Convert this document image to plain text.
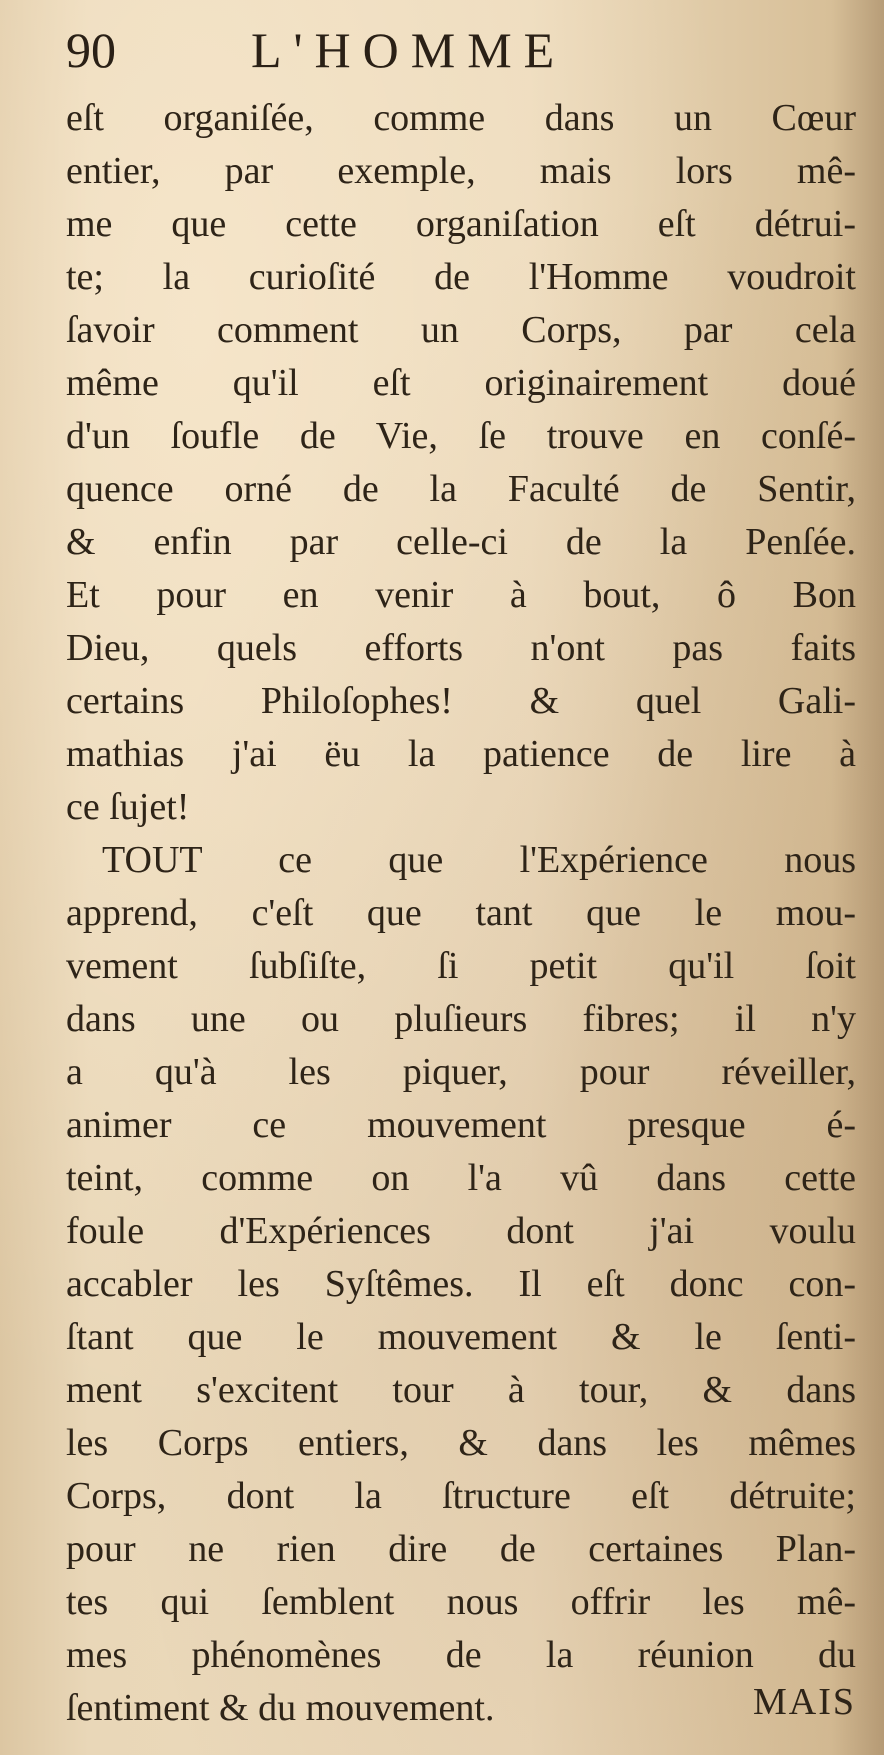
90	L'HOMME
eſt organiſée, comme dans un Cœur
entier, par exemple, mais lors mê-
me que cette organiſation eſt détrui-
te; la curioſité de l'Homme voudroit
ſavoir comment un Corps, par cela
même qu'il eſt originairement doué
d'un ſoufle de Vie, ſe trouve en conſé-
quence orné de la Faculté de Sentir,
& enfin par celle-ci de la Penſée.
Et pour en venir à bout, ô Bon
Dieu, quels efforts n'ont pas faits
certains Philoſophes! & quel Gali-
mathias j'ai ëu la patience de lire à
ce ſujet!
TOUT ce que l'Expérience nous
apprend, c'eſt que tant que le mou-
vement ſubſiſte, ſi petit qu'il ſoit
dans une ou pluſieurs fibres; il n'y
a qu'à les piquer, pour réveiller,
animer ce mouvement presque é-
teint, comme on l'a vû dans cette
foule d'Expériences dont j'ai voulu
accabler les Syſtêmes. Il eſt donc con-
ſtant que le mouvement & le ſenti-
ment s'excitent tour à tour, & dans
les Corps entiers, & dans les mêmes
Corps, dont la ſtructure eſt détruite;
pour ne rien dire de certaines Plan-
tes qui ſemblent nous offrir les mê-
mes phénomènes de la réunion du
ſentiment & du mouvement.	MAIS
